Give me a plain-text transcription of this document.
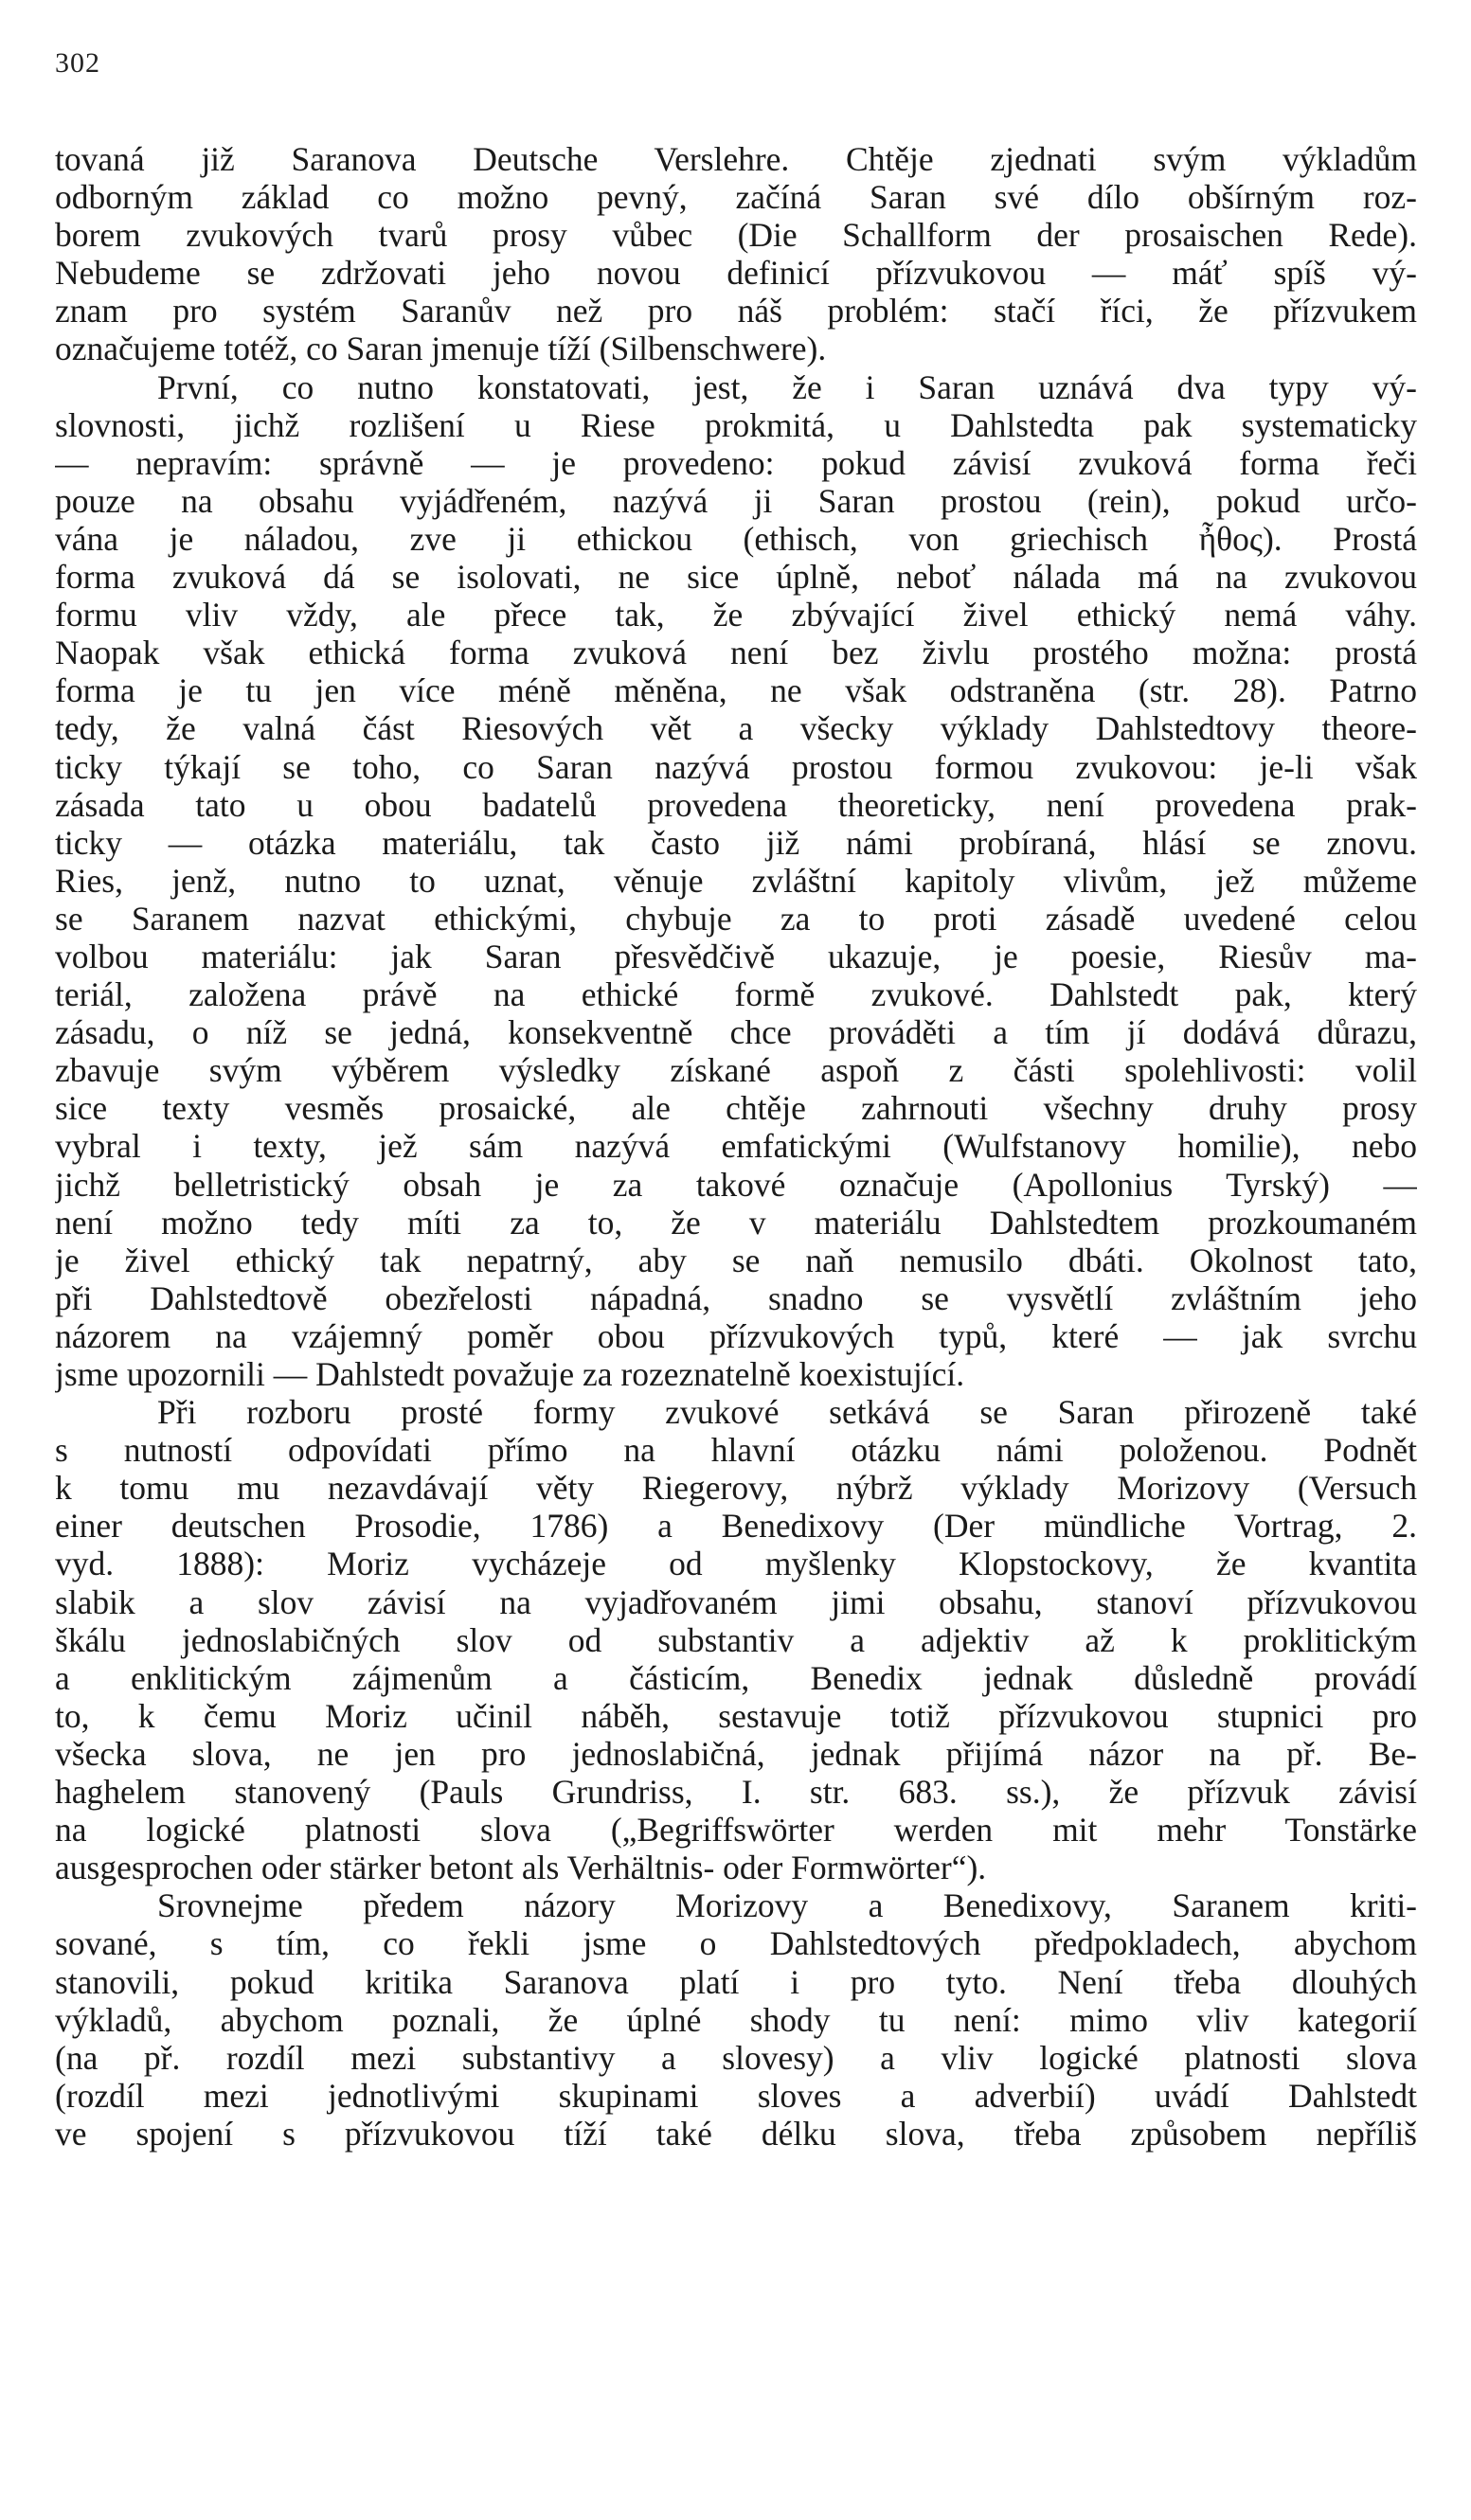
302
tovaná již Saranova Deutsche Verslehre. Chtěje zjednati svým výkladům
odborným základ co možno pevný, začíná Saran své dílo obšírným roz-
borem zvukových tvarů prosy vůbec (Die Schallform der prosaischen Rede).
Nebudeme se zdržovati jeho novou definicí přízvukovou — máť spíš vý-
znam pro systém Saranův než pro náš problém: stačí říci, že přízvukem
označujeme totéž, co Saran jmenuje tíží (Silbenschwere).
První, co nutno konstatovati, jest, že i Saran uznává dva typy vý-
slovnosti, jichž rozlišení u Riese prokmitá, u Dahlstedta pak systematicky
— nepravím: správně — je provedeno: pokud závisí zvuková forma řeči
pouze na obsahu vyjádřeném, nazývá ji Saran prostou (rein), pokud určo-
vána je náladou, zve ji ethickou (ethisch, von griechisch ἦθος). Prostá
forma zvuková dá se isolovati, ne sice úplně, neboť nálada má na zvukovou
formu vliv vždy, ale přece tak, že zbývající živel ethický nemá váhy.
Naopak však ethická forma zvuková není bez živlu prostého možna: prostá
forma je tu jen více méně měněna, ne však odstraněna (str. 28). Patrno
tedy, že valná část Riesových vět a všecky výklady Dahlstedtovy theore-
ticky týkají se toho, co Saran nazývá prostou formou zvukovou: je-li však
zásada tato u obou badatelů provedena theoreticky, není provedena prak-
ticky — otázka materiálu, tak často již námi probíraná, hlásí se znovu.
Ries, jenž, nutno to uznat, věnuje zvláštní kapitoly vlivům, jež můžeme
se Saranem nazvat ethickými, chybuje za to proti zásadě uvedené celou
volbou materiálu: jak Saran přesvědčivě ukazuje, je poesie, Riesův ma-
teriál, založena právě na ethické formě zvukové. Dahlstedt pak, který
zásadu, o níž se jedná, konsekventně chce prováděti a tím jí dodává důrazu,
zbavuje svým výběrem výsledky získané aspoň z části spolehlivosti: volil
sice texty vesměs prosaické, ale chtěje zahrnouti všechny druhy prosy
vybral i texty, jež sám nazývá emfatickými (Wulfstanovy homilie), nebo
jichž belletristický obsah je za takové označuje (Apollonius Tyrský) —
není možno tedy míti za to, že v materiálu Dahlstedtem prozkoumaném
je živel ethický tak nepatrný, aby se naň nemusilo dbáti. Okolnost tato,
při Dahlstedtově obezřelosti nápadná, snadno se vysvětlí zvláštním jeho
názorem na vzájemný poměr obou přízvukových typů, které — jak svrchu
jsme upozornili — Dahlstedt považuje za rozeznatelně koexistující.
Při rozboru prosté formy zvukové setkává se Saran přirozeně také
s nutností odpovídati přímo na hlavní otázku námi položenou. Podnět
k tomu mu nezavdávají věty Riegerovy, nýbrž výklady Morizovy (Versuch
einer deutschen Prosodie, 1786) a Benedixovy (Der mündliche Vortrag, 2.
vyd. 1888): Moriz vycházeje od myšlenky Klopstockovy, že kvantita
slabik a slov závisí na vyjadřovaném jimi obsahu, stanoví přízvukovou
škálu jednoslabičných slov od substantiv a adjektiv až k proklitickým
a enklitickým zájmenům a částicím, Benedix jednak důsledně provádí
to, k čemu Moriz učinil náběh, sestavuje totiž přízvukovou stupnici pro
všecka slova, ne jen pro jednoslabičná, jednak přijímá názor na př. Be-
haghelem stanovený (Pauls Grundriss, I. str. 683. ss.), že přízvuk závisí
na logické platnosti slova („Begriffswörter werden mit mehr Tonstärke
ausgesprochen oder stärker betont als Verhältnis- oder Formwörter“).
Srovnejme předem názory Morizovy a Benedixovy, Saranem kriti-
sované, s tím, co řekli jsme o Dahlstedtových předpokladech, abychom
stanovili, pokud kritika Saranova platí i pro tyto. Není třeba dlouhých
výkladů, abychom poznali, že úplné shody tu není: mimo vliv kategorií
(na př. rozdíl mezi substantivy a slovesy) a vliv logické platnosti slova
(rozdíl mezi jednotlivými skupinami sloves a adverbií) uvádí Dahlstedt
ve spojení s přízvukovou tíží také délku slova, třeba způsobem nepříliš
